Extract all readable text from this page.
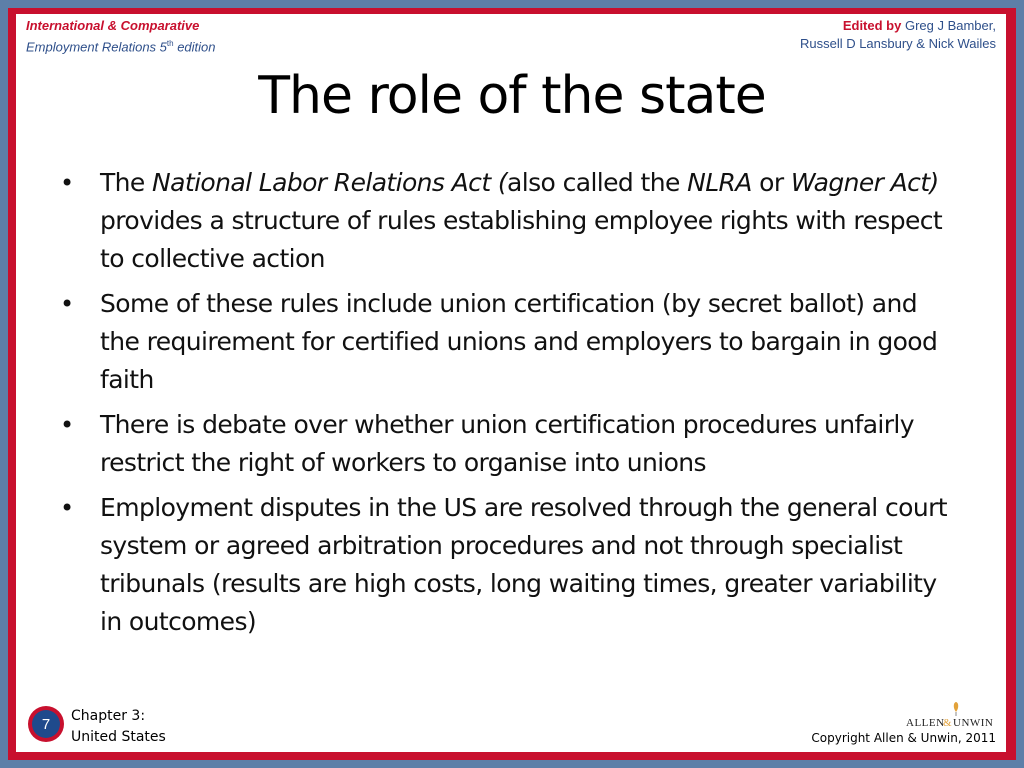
International & Comparative
Employment Relations 5th edition
Edited by Greg J Bamber,
Russell D Lansbury & Nick Wailes
The role of the state
• The National Labor Relations Act (also called the NLRA or Wagner Act) provides a structure of rules establishing employee rights with respect to collective action
• Some of these rules include union certification (by secret ballot) and the requirement for certified unions and employers to bargain in good faith
• There is debate over whether union certification procedures unfairly restrict the right of workers to organise into unions
• Employment disputes in the US are resolved through the general court system or agreed arbitration procedures and not through specialist tribunals (results are high costs, long waiting times, greater variability in outcomes)
7	Chapter 3:
United States
ALLEN
& UNWIN
Copyright Allen & Unwin, 2011
